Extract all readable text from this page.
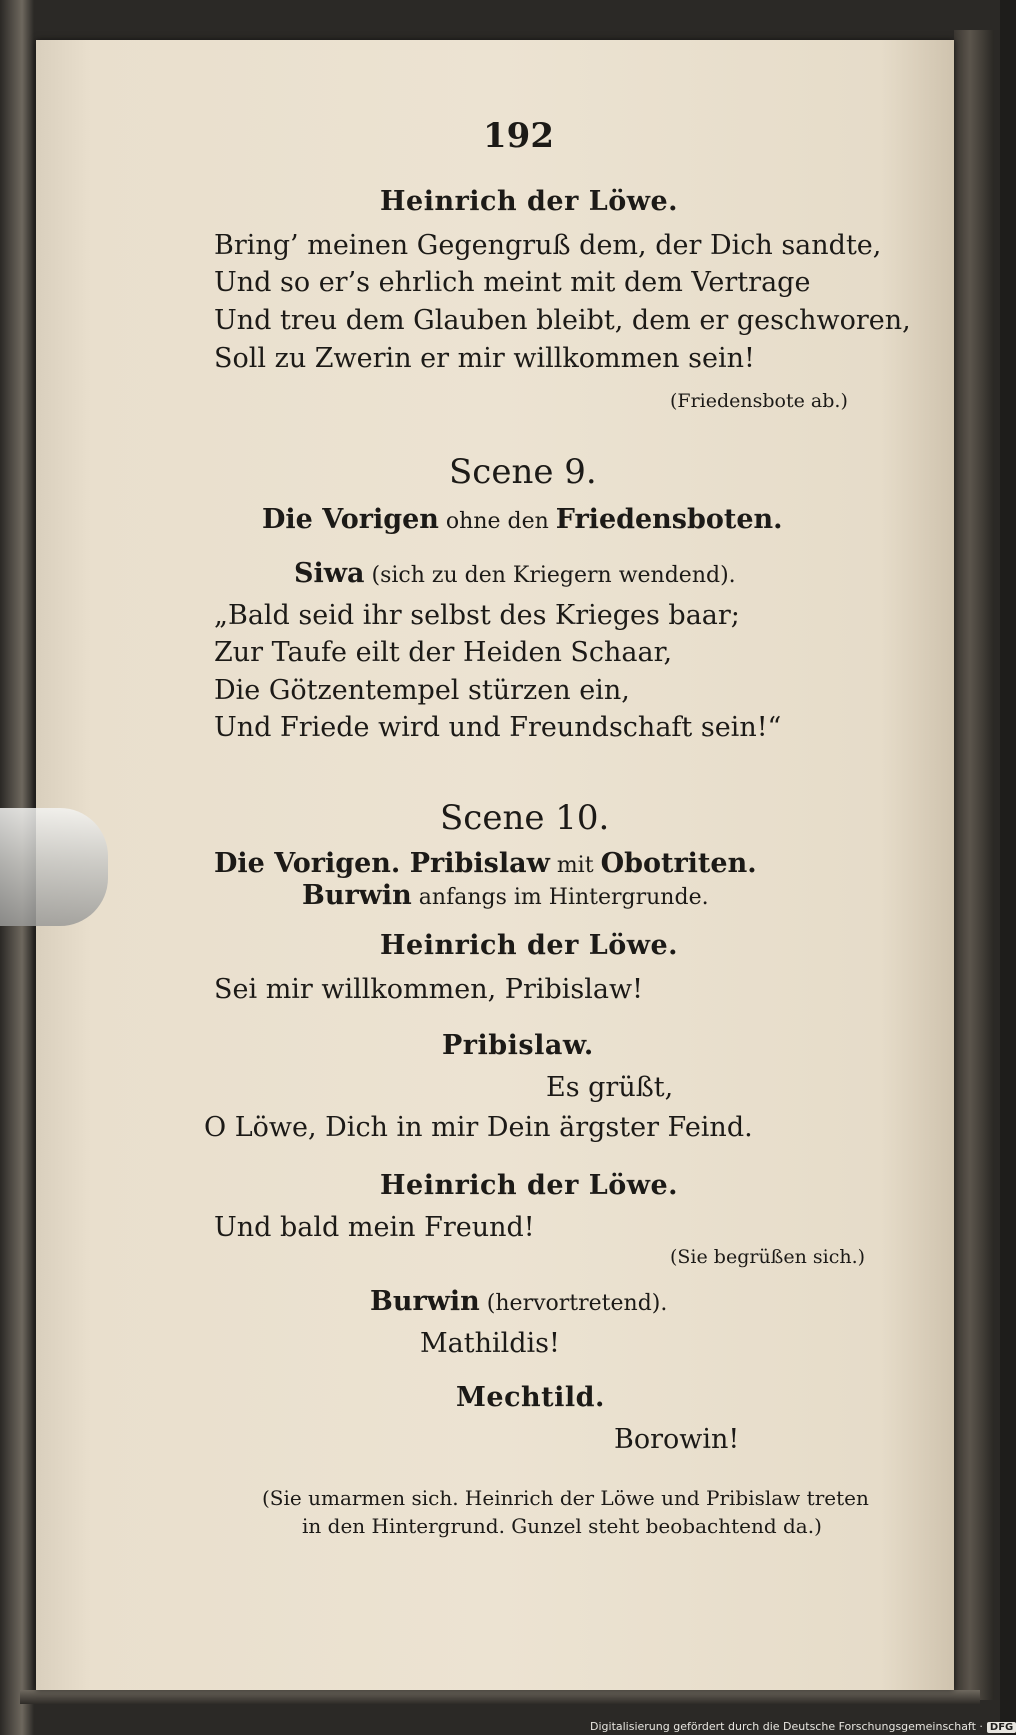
192
Heinrich der Löwe.
Bring’ meinen Gegengruß dem, der Dich sandte,
Und so er’s ehrlich meint mit dem Vertrage
Und treu dem Glauben bleibt, dem er geschworen,
Soll zu Zwerin er mir willkommen sein!
(Friedensbote ab.)
Scene 9.
Die Vorigen ohne den Friedensboten.
Siwa (sich zu den Kriegern wendend).
„Bald seid ihr selbst des Krieges baar;
Zur Taufe eilt der Heiden Schaar,
Die Götzentempel stürzen ein,
Und Friede wird und Freundschaft sein!“
Scene 10.
Die Vorigen. Pribislaw mit Obotriten.
Burwin anfangs im Hintergrunde.
Heinrich der Löwe.
Sei mir willkommen, Pribislaw!
Pribislaw.
Es grüßt,
O Löwe, Dich in mir Dein ärgster Feind.
Heinrich der Löwe.
Und bald mein Freund!
(Sie begrüßen sich.)
Burwin (hervortretend).
Mathildis!
Mechtild.
Borowin!
(Sie umarmen sich. Heinrich der Löwe und Pribislaw treten
in den Hintergrund. Gunzel steht beobachtend da.)
Digitalisierung gefördert durch die Deutsche Forschungsgemeinschaft · DFG
